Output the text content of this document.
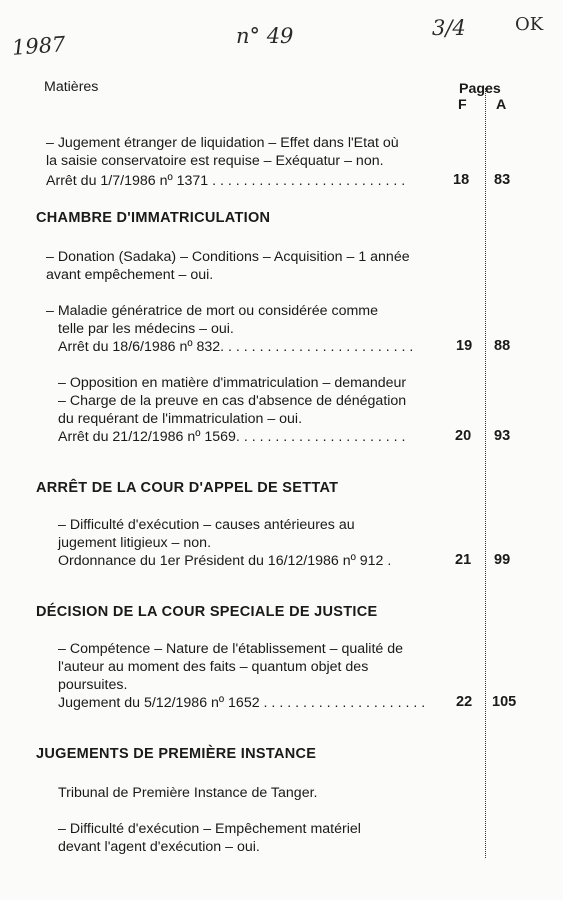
1987	n° 49	3/4	OK
Matières	Pages
F A
– Jugement étranger de liquidation – Effet dans l'Etat où
la saisie conservatoire est requise – Exéquatur – non.
Arrêt du 1/7/1986 nº 1371 . . . . . . . . . . . . . . . . . . . . . . . . .	18 83
CHAMBRE D'IMMATRICULATION
– Donation (Sadaka) – Conditions – Acquisition – 1 année
avant empêchement – oui.
– Maladie génératrice de mort ou considérée comme
telle par les médecins – oui.
Arrêt du 18/6/1986 nº 832. . . . . . . . . . . . . . . . . . . . . . . . .	19 88
– Opposition en matière d'immatriculation – demandeur
– Charge de la preuve en cas d'absence de dénégation
du requérant de l'immatriculation – oui.
Arrêt du 21/12/1986 nº 1569. . . . . . . . . . . . . . . . . . . . . .	20 93
ARRÊT DE LA COUR D'APPEL DE SETTAT
– Difficulté d'exécution – causes antérieures au
jugement litigieux – non.
Ordonnance du 1er Président du 16/12/1986 nº 912 .	21 99
DÉCISION DE LA COUR SPECIALE DE JUSTICE
– Compétence – Nature de l'établissement – qualité de
l'auteur au moment des faits – quantum objet des
poursuites.
Jugement du 5/12/1986 nº 1652 . . . . . . . . . . . . . . . . . . . . . 22 105
JUGEMENTS DE PREMIÈRE INSTANCE
Tribunal de Première Instance de Tanger.
– Difficulté d'exécution – Empêchement matériel
devant l'agent d'exécution – oui.
